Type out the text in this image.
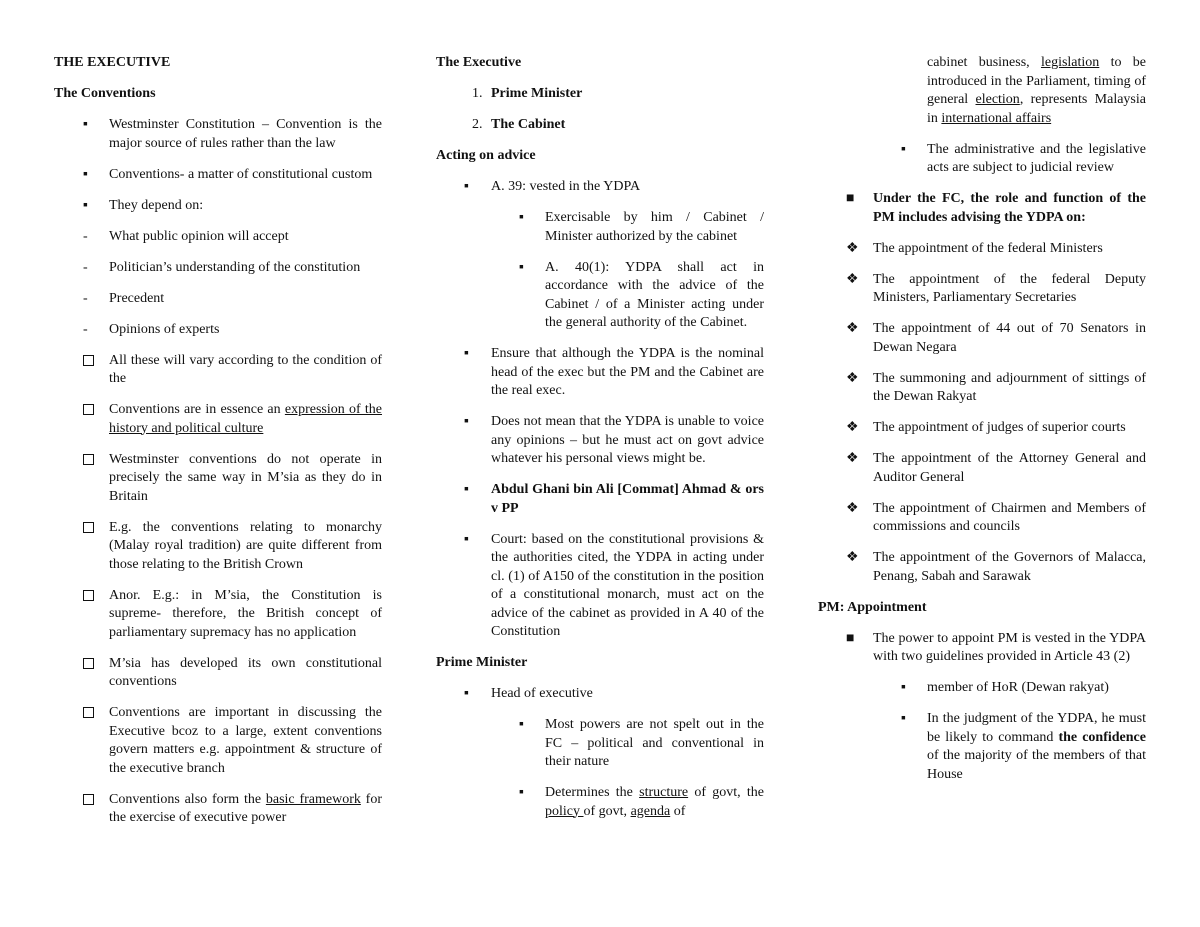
THE EXECUTIVE
The Conventions
▪ Westminster Constitution – Convention is the major source of rules rather than the law
▪ Conventions- a matter of constitutional custom
▪ They depend on:
- What public opinion will accept
- Politician’s understanding of the constitution
- Precedent
- Opinions of experts
All these will vary according to the condition of the
Conventions are in essence an expression of the history and political culture
Westminster conventions do not operate in precisely the same way in M’sia as they do in Britain
E.g. the conventions relating to monarchy (Malay royal tradition) are quite different from those relating to the British Crown
Anor. E.g.: in M’sia, the Constitution is supreme- therefore, the British concept of parliamentary supremacy has no application
M’sia has developed its own constitutional conventions
Conventions are important in discussing the Executive bcoz to a large, extent conventions govern matters e.g. appointment & structure of the executive branch
Conventions also form the basic framework for the exercise of executive power
The Executive
1. Prime Minister
2. The Cabinet
Acting on advice
▪ A. 39: vested in the YDPA
▪ Exercisable by him / Cabinet / Minister authorized by the cabinet
▪ A. 40(1): YDPA shall act in accordance with the advice of the Cabinet / of a Minister acting under the general authority of the Cabinet.
▪ Ensure that although the YDPA is the nominal head of the exec but the PM and the Cabinet are the real exec.
▪ Does not mean that the YDPA is unable to voice any opinions – but he must act on govt advice whatever his personal views might be.
▪ Abdul Ghani bin Ali [Commat] Ahmad & ors v PP
▪ Court: based on the constitutional provisions & the authorities cited, the YDPA in acting under cl. (1) of A150 of the constitution in the position of a constitutional monarch, must act on the advice of the cabinet as provided in A 40 of the Constitution
Prime Minister
▪ Head of executive
▪ Most powers are not spelt out in the FC – political and conventional in their nature
▪ Determines the structure of govt, the policy of govt, agenda of
cabinet business, legislation to be introduced in the Parliament, timing of general election, represents Malaysia in international affairs
▪ The administrative and the legislative acts are subject to judicial review
■ Under the FC, the role and function of the PM includes advising the YDPA on:
❖ The appointment of the federal Ministers
❖ The appointment of the federal Deputy Ministers, Parliamentary Secretaries
❖ The appointment of 44 out of 70 Senators in Dewan Negara
❖ The summoning and adjournment of sittings of the Dewan Rakyat
❖ The appointment of judges of superior courts
❖ The appointment of the Attorney General and Auditor General
❖ The appointment of Chairmen and Members of commissions and councils
❖ The appointment of the Governors of Malacca, Penang, Sabah and Sarawak
PM: Appointment
■ The power to appoint PM is vested in the YDPA with two guidelines provided in Article 43 (2)
▪ member of HoR (Dewan rakyat)
▪ In the judgment of the YDPA, he must be likely to command the confidence of the majority of the members of that House
